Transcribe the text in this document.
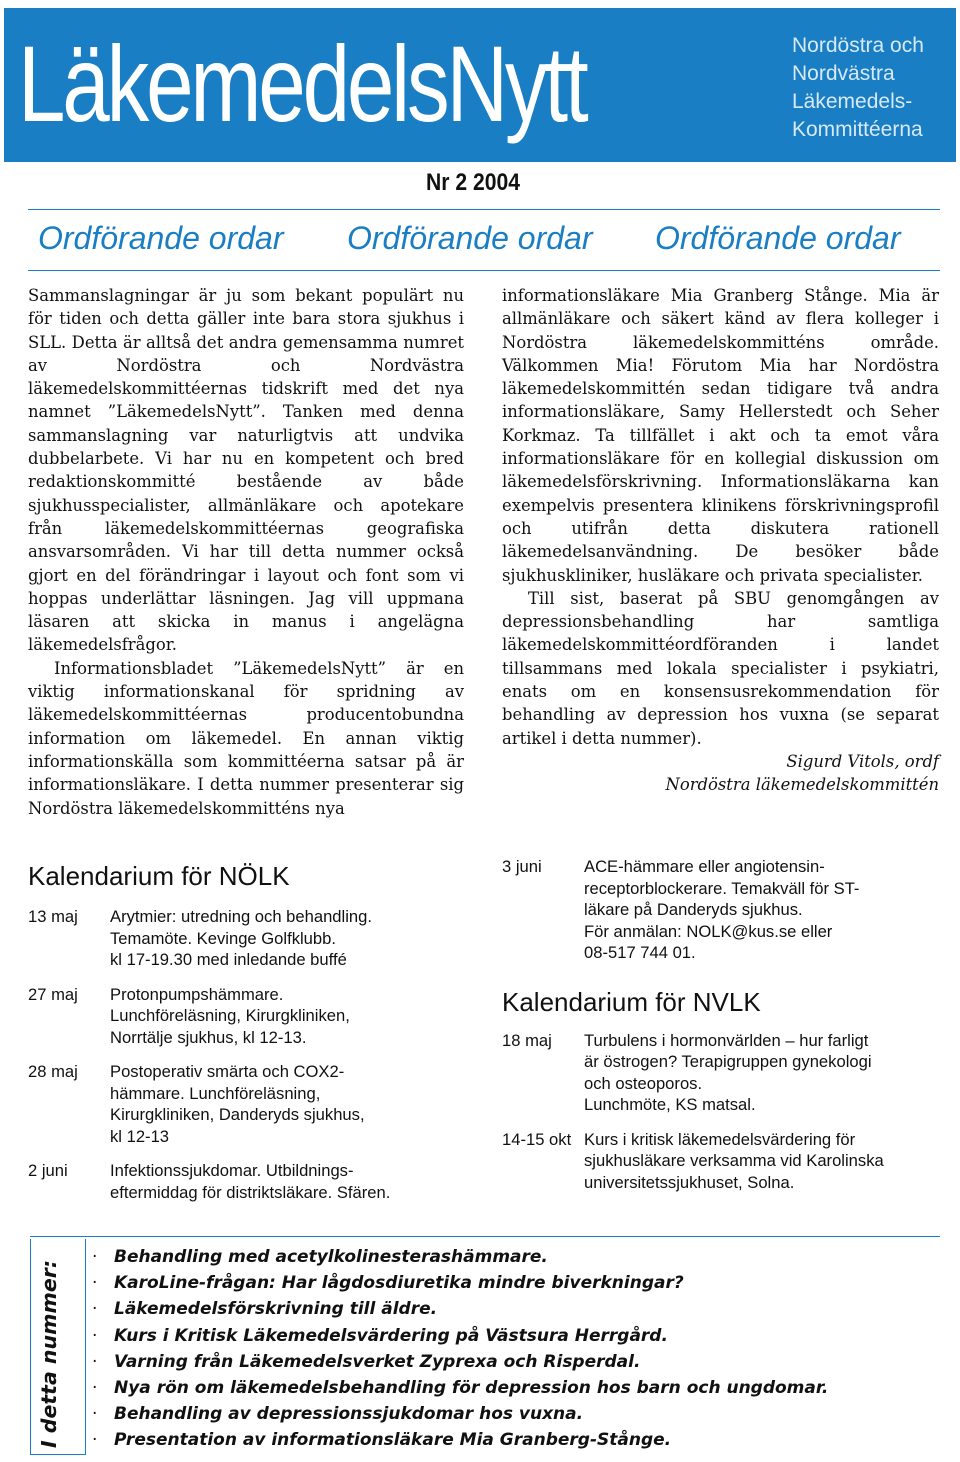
LäkemedelsNytt	Nordöstra och
Nordvästra
Läkemedels-
Kommittéerna
Nr 2 2004
Ordförande ordar Ordförande ordar Ordförande ordar

Sammanslagningar är ju som bekant populärt nu för tiden och detta gäller inte bara stora sjukhus i SLL. Detta är alltså det andra gemensamma numret av Nordöstra och Nordvästra läkemedelskommittéernas tidskrift med det nya namnet ”LäkemedelsNytt”. Tanken med denna sammanslagning var naturligtvis att undvika dubbelarbete. Vi har nu en kompetent och bred redaktionskommitté bestående av både sjukhusspecialister, allmänläkare och apotekare från läkemedelskommittéernas geografiska ansvarsområden. Vi har till detta nummer också gjort en del förändringar i layout och font som vi hoppas underlättar läsningen. Jag vill uppmana läsaren att skicka in manus i angelägna läkemedelsfrågor.

Informationsbladet ”LäkemedelsNytt” är en viktig informationskanal för spridning av läkemedelskommittéernas producentobundna information om läkemedel. En annan viktig informationskälla som kommittéerna satsar på är informationsläkare. I detta nummer presenterar sig Nordöstra läkemedelskommitténs nya

informationsläkare Mia Granberg Stånge. Mia är allmänläkare och säkert känd av flera kolleger i Nordöstra läkemedelskommitténs område. Välkommen Mia! Förutom Mia har Nordöstra läkemedelskommittén sedan tidigare två andra informationsläkare, Samy Hellerstedt och Seher Korkmaz. Ta tillfället i akt och ta emot våra informationsläkare för en kollegial diskussion om läkemedelsförskrivning. Informationsläkarna kan exempelvis presentera klinikens förskrivningsprofil och utifrån detta diskutera rationell läkemedelsanvändning. De besöker både sjukhuskliniker, husläkare och privata specialister.

Till sist, baserat på SBU genomgången av depressionsbehandling har samtliga läkemedelskommittéordföranden i landet tillsammans med lokala specialister i psykiatri, enats om en konsensusrekommendation för behandling av depression hos vuxna (se separat artikel i detta nummer).

Sigurd Vitols, ordf

Nordöstra läkemedelskommittén

Kalendarium för NÖLK
13 maj	Arytmier: utredning och behandling.
Temamöte. Kevinge Golfklubb.
kl 17-19.30 med inledande buffé
27 maj	Protonpumpshämmare.
Lunchföreläsning, Kirurgkliniken,
Norrtälje sjukhus, kl 12-13.
28 maj	Postoperativ smärta och COX2-
hämmare. Lunchföreläsning,
Kirurgkliniken, Danderyds sjukhus,
kl 12-13
2 juni	Infektionssjukdomar. Utbildnings-
eftermiddag för distriktsläkare. Sfären.
3 juni	ACE-hämmare eller angiotensin-
receptorblockerare. Temakväll för ST-
läkare på Danderyds sjukhus.
För anmälan: NOLK@kus.se eller
08-517 744 01.
Kalendarium för NVLK
18 maj	Turbulens i hormonvärlden – hur farligt
är östrogen? Terapigruppen gynekologi
och osteoporos.
Lunchmöte, KS matsal.
14-15 okt Kurs i kritisk läkemedelsvärdering för
sjukhusläkare verksamma vid Karolinska
universitetssjukhuset, Solna.
I detta nummer:
· Behandling med acetylkolinesterashämmare.
· KaroLine-frågan: Har lågdosdiuretika mindre biverkningar?
· Läkemedelsförskrivning till äldre.
· Kurs i Kritisk Läkemedelsvärdering på Västsura Herrgård.
· Varning från Läkemedelsverket Zyprexa och Risperdal.
· Nya rön om läkemedelsbehandling för depression hos barn och ungdomar.
· Behandling av depressionssjukdomar hos vuxna.
· Presentation av informationsläkare Mia Granberg-Stånge.
